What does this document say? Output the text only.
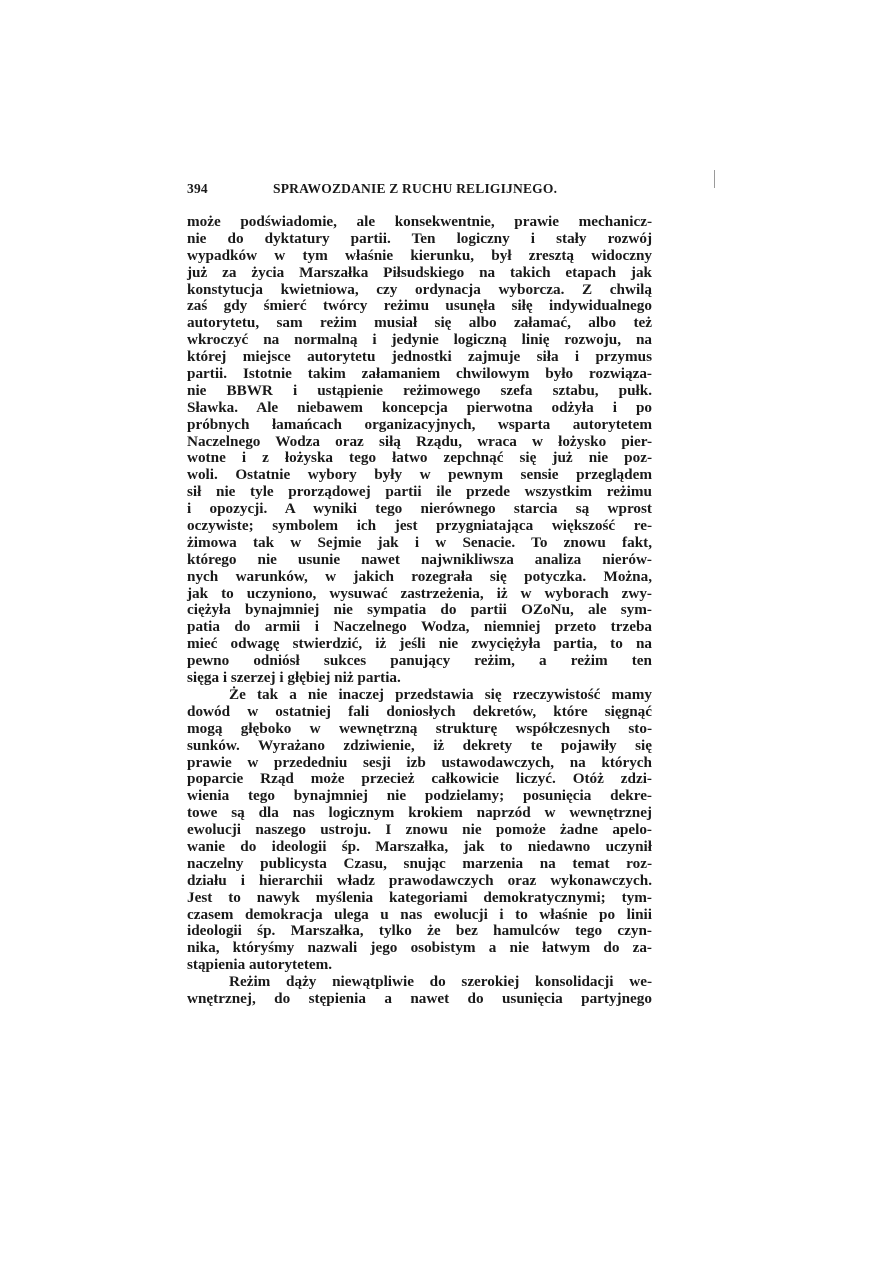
394	SPRAWOZDANIE Z RUCHU RELIGIJNEGO.
może podświadomie, ale konsekwentnie, prawie mechanicz-
nie do dyktatury partii. Ten logiczny i stały rozwój
wypadków w tym właśnie kierunku, był zresztą widoczny
już za życia Marszałka Piłsudskiego na takich etapach jak
konstytucja kwietniowa, czy ordynacja wyborcza. Z chwilą
zaś gdy śmierć twórcy reżimu usunęła siłę indywidualnego
autorytetu, sam reżim musiał się albo załamać, albo też
wkroczyć na normalną i jedynie logiczną linię rozwoju, na
której miejsce autorytetu jednostki zajmuje siła i przymus
partii. Istotnie takim załamaniem chwilowym było rozwiąza-
nie BBWR i ustąpienie reżimowego szefa sztabu, pułk.
Sławka. Ale niebawem koncepcja pierwotna odżyła i po
próbnych łamańcach organizacyjnych, wsparta autorytetem
Naczelnego Wodza oraz siłą Rządu, wraca w łożysko pier-
wotne i z łożyska tego łatwo zepchnąć się już nie poz-
woli. Ostatnie wybory były w pewnym sensie przeglądem
sił nie tyle prorządowej partii ile przede wszystkim reżimu
i opozycji. A wyniki tego nierównego starcia są wprost
oczywiste; symbolem ich jest przygniatająca większość re-
żimowa tak w Sejmie jak i w Senacie. To znowu fakt,
którego nie usunie nawet najwnikliwsza analiza nierów-
nych warunków, w jakich rozegrała się potyczka. Można,
jak to uczyniono, wysuwać zastrzeżenia, iż w wyborach zwy-
ciężyła bynajmniej nie sympatia do partii OZoNu, ale sym-
patia do armii i Naczelnego Wodza, niemniej przeto trzeba
mieć odwagę stwierdzić, iż jeśli nie zwyciężyła partia, to na
pewno odniósł sukces panujący reżim, a reżim ten
sięga i szerzej i głębiej niż partia.
Że tak a nie inaczej przedstawia się rzeczywistość mamy
dowód w ostatniej fali doniosłych dekretów, które sięgnąć
mogą głęboko w wewnętrzną strukturę współczesnych sto-
sunków. Wyrażano zdziwienie, iż dekrety te pojawiły się
prawie w przededniu sesji izb ustawodawczych, na których
poparcie Rząd może przecież całkowicie liczyć. Otóż zdzi-
wienia tego bynajmniej nie podzielamy; posunięcia dekre-
towe są dla nas logicznym krokiem naprzód w wewnętrznej
ewolucji naszego ustroju. I znowu nie pomoże żadne apelo-
wanie do ideologii śp. Marszałka, jak to niedawno uczynił
naczelny publicysta Czasu, snując marzenia na temat roz-
działu i hierarchii władz prawodawczych oraz wykonawczych.
Jest to nawyk myślenia kategoriami demokratycznymi; tym-
czasem demokracja ulega u nas ewolucji i to właśnie po linii
ideologii śp. Marszałka, tylko że bez hamulców tego czyn-
nika, któryśmy nazwali jego osobistym a nie łatwym do za-
stąpienia autorytetem.
Reżim dąży niewątpliwie do szerokiej konsolidacji we-
wnętrznej, do stępienia a nawet do usunięcia partyjnego
